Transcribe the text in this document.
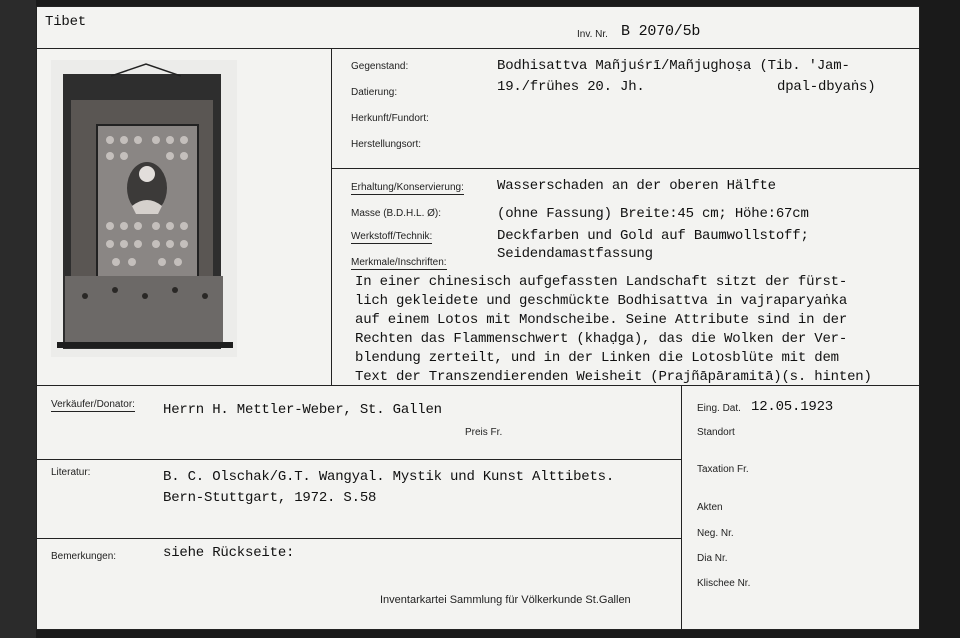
Tibet
Inv. Nr. B 2070/5b
Gegenstand:	Bodhisattva Mañjuśrī/Mañjughoṣa (Tib. 'Jam-
Datierung:	19./frühes 20. Jh.	dpal-dbyaṅs)
Herkunft/Fundort:
Herstellungsort:
Erhaltung/Konservierung: Wasserschaden an der oberen Hälfte
Masse (B.D.H.L. Ø):	(ohne Fassung) Breite:45 cm; Höhe:67cm
Werkstoff/Technik:	Deckfarben und Gold auf Baumwollstoff;
Seidendamastfassung
Merkmale/Inschriften:
In einer chinesisch aufgefassten Landschaft sitzt der fürst-
lich gekleidete und geschmückte Bodhisattva in vajraparyaṅka
auf einem Lotos mit Mondscheibe. Seine Attribute sind in der
Rechten das Flammenschwert (khaḍga), das die Wolken der Ver-
blendung zerteilt, und in der Linken die Lotosblüte mit dem
Text der Transzendierenden Weisheit (Prajñāpāramitā)(s. hinten)
Verkäufer/Donator: Herrn H. Mettler-Weber, St. Gallen
Preis Fr.
Literatur:	B. C. Olschak/G.T. Wangyal. Mystik und Kunst Alttibets.
Bern-Stuttgart, 1972. S.58
Bemerkungen:	siehe Rückseite:
Inventarkartei Sammlung für Völkerkunde St.Gallen
Eing. Dat. 12.05.1923
Standort
Taxation Fr.
Akten
Neg. Nr.
Dia Nr.
Klischee Nr.
